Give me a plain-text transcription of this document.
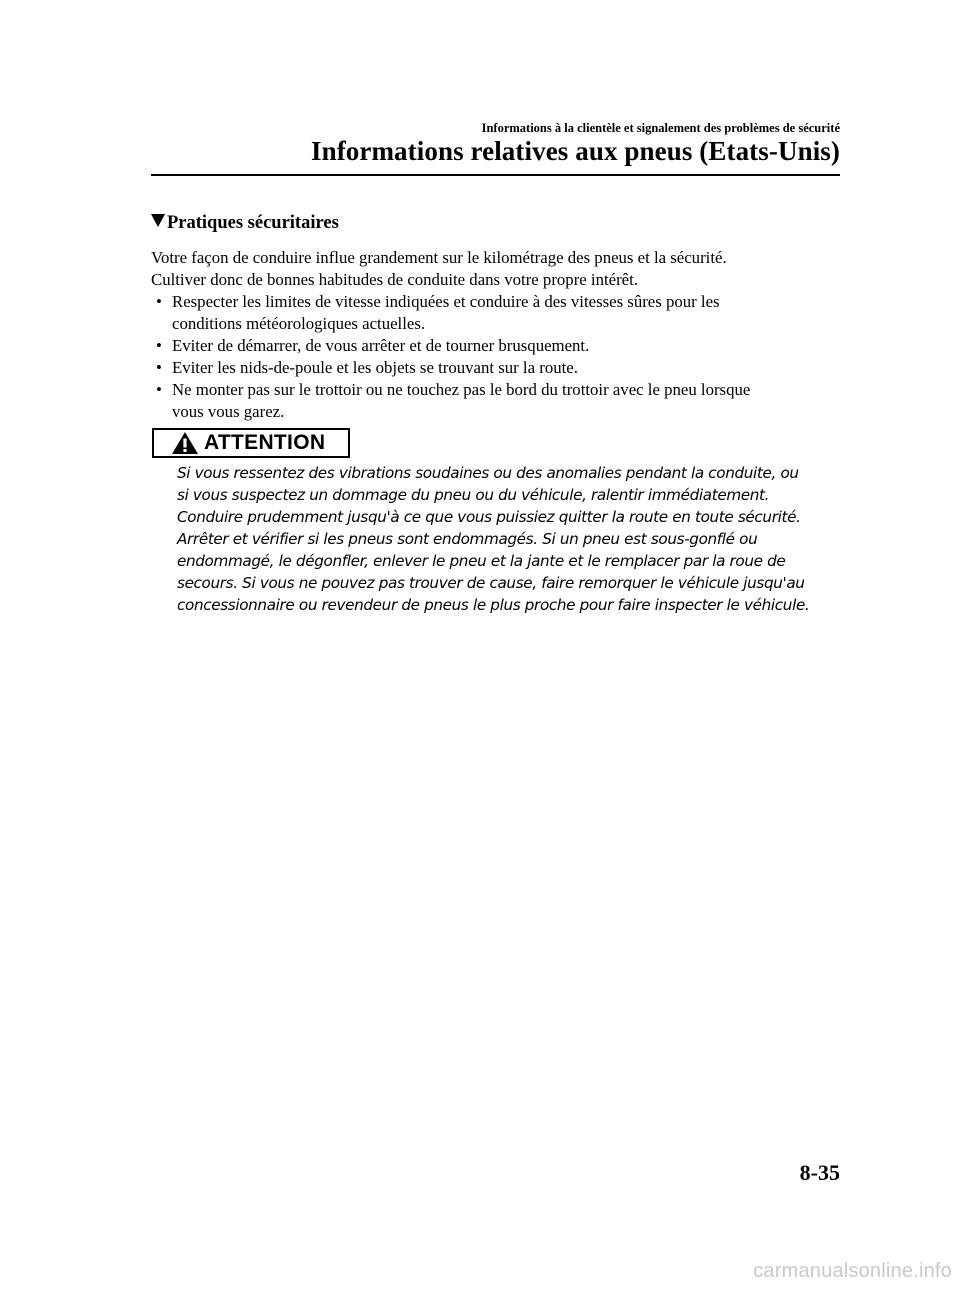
Informations à la clientèle et signalement des problèmes de sécurité
Informations relatives aux pneus (Etats-Unis)
Pratiques sécuritaires

Votre façon de conduire influe grandement sur le kilométrage des pneus et la sécurité.

Cultiver donc de bonnes habitudes de conduite dans votre propre intérêt.

• Respecter les limites de vitesse indiquées et conduire à des vitesses sûres pour les
conditions météorologiques actuelles.
• Eviter de démarrer, de vous arrêter et de tourner brusquement.
• Eviter les nids-de-poule et les objets se trouvant sur la route.
• Ne monter pas sur le trottoir ou ne touchez pas le bord du trottoir avec le pneu lorsque
vous vous garez.
ATTENTION

Si vous ressentez des vibrations soudaines ou des anomalies pendant la conduite, ou

si vous suspectez un dommage du pneu ou du véhicule, ralentir immédiatement.

Conduire prudemment jusqu'à ce que vous puissiez quitter la route en toute sécurité.

Arrêter et vérifier si les pneus sont endommagés. Si un pneu est sous-gonflé ou

endommagé, le dégonfler, enlever le pneu et la jante et le remplacer par la roue de

secours. Si vous ne pouvez pas trouver de cause, faire remorquer le véhicule jusqu'au

concessionnaire ou revendeur de pneus le plus proche pour faire inspecter le véhicule.

8-35
carmanualsonline.info
